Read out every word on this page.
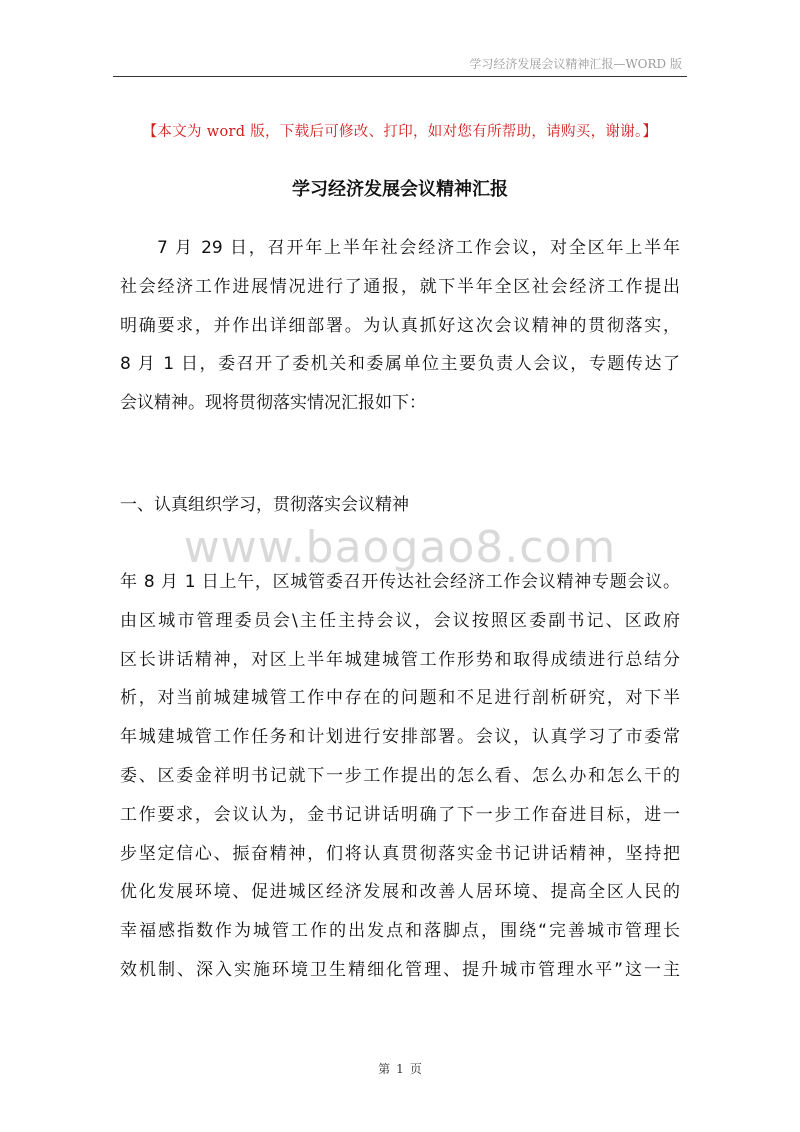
学习经济发展会议精神汇报—WORD 版
【本文为 word 版，下载后可修改、打印，如对您有所帮助，请购买，谢谢。】
学习经济发展会议精神汇报
7 月 29 日，召开年上半年社会经济工作会议，对全区年上半年
社会经济工作进展情况进行了通报，就下半年全区社会经济工作提出
明确要求，并作出详细部署。为认真抓好这次会议精神的贯彻落实，
8 月 1 日，委召开了委机关和委属单位主要负责人会议，专题传达了
会议精神。现将贯彻落实情况汇报如下：
一、认真组织学习，贯彻落实会议精神
www.baogao8.com
年 8 月 1 日上午，区城管委召开传达社会经济工作会议精神专题会议。
由区城市管理委员会\主任主持会议，会议按照区委副书记、区政府
区长讲话精神，对区上半年城建城管工作形势和取得成绩进行总结分
析，对当前城建城管工作中存在的问题和不足进行剖析研究，对下半
年城建城管工作任务和计划进行安排部署。会议，认真学习了市委常
委、区委金祥明书记就下一步工作提出的怎么看、怎么办和怎么干的
工作要求，会议认为，金书记讲话明确了下一步工作奋进目标，进一
步坚定信心、振奋精神，们将认真贯彻落实金书记讲话精神，坚持把
优化发展环境、促进城区经济发展和改善人居环境、提高全区人民的
幸福感指数作为城管工作的出发点和落脚点，围绕“完善城市管理长
效机制、深入实施环境卫生精细化管理、提升城市管理水平”这一主
第 1 页
